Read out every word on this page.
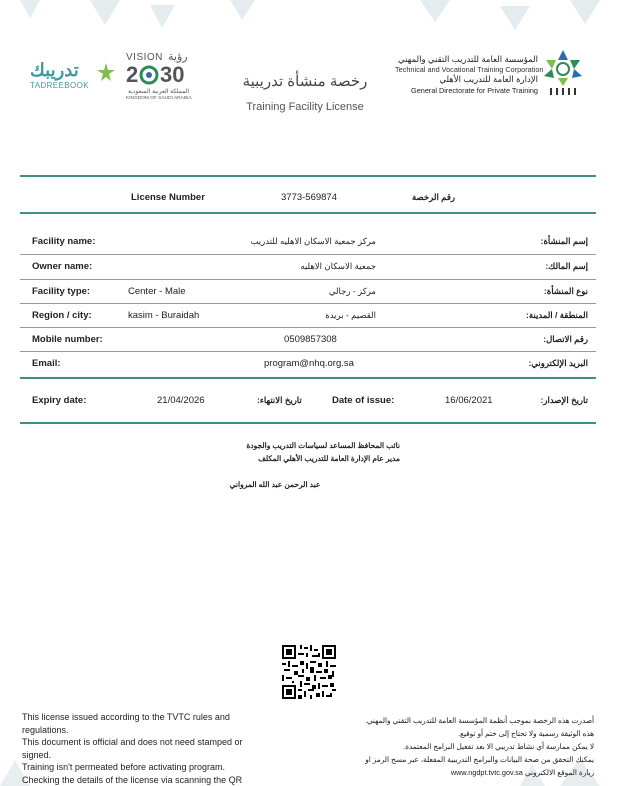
المؤسسة العامة للتدريب التقني والمهني
Technical and Vocational Training Corporation
الإدارة العامة للتدريب الأهلي
General Directorate for Private Training
رخصة منشأة تدريبية
Training Facility License
VISION رؤية
2 30
المملكة العربية السعودية
KINGDOM OF SAUDI ARABIA
تدريبك
TADREEBOOK
License Number	3773-569874	رقم الرخصة
Facility name:	مركز جمعية الاسكان الاهليه للتدريب	إسم المنشأة:
Owner name:	جمعية الاسكان الاهليه	إسم المالك:
Facility type:	Center - Male	مركز - رجالي	نوع المنشأة:
Region / city:	kasim - Buraidah	القصيم - بريدة	المنطقة / المدينة:
Mobile number:	0509857308	رقم الاتصال:
Email:	program@nhq.org.sa	البريد الإلكتروني:
Expiry date:	21/04/2026	تاريخ الانتهاء:	Date of issue:	16/06/2021	تاريخ الإصدار:
نائب المحافظ المساعد لسياسات التدريب والجودة
مدير عام الإدارة العامة للتدريب الأهلي المكلف
عبد الرحمن عبد الله المرواني
This license issued according to the TVTC rules and
regulations.
This document is official and does not need stamped or
signed.
Training isn't permeated before activating program.
Checking the details of the license via scanning the QR
أصدرت هذه الرخصة بموجب أنظمة المؤسسة العامة للتدريب التقني والمهني.
هذه الوثيقة رسمية ولا تحتاج إلى ختم أو توقيع.
لا يمكن ممارسة أي نشاط تدريبي الا بعد تفعيل البرامج المعتمدة.
يمكنك التحقق من صحة البيانات والبرامج التدريبية المفعلة، عبر مسح الرمز او
زيارة الموقع الالكتروني www.ngdpt.tvtc.gov.sa
